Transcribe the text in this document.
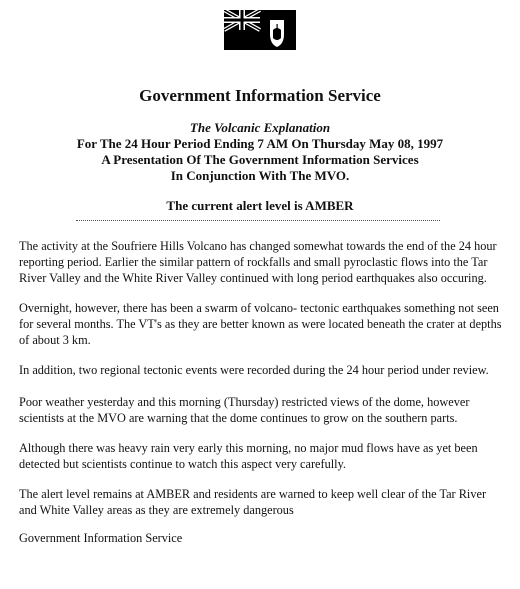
Government Information Service
The Volcanic Explanation
For The 24 Hour Period Ending 7 AM On Thursday May 08, 1997
A Presentation Of The Government Information Services
In Conjunction With The MVO.
The current alert level is AMBER

The activity at the Soufriere Hills Volcano has changed somewhat towards the end of the 24 hour reporting period. Earlier the similar pattern of rockfalls and small pyroclastic flows into the Tar River Valley and the White River Valley continued with long period earthquakes also occuring.

Overnight, however, there has been a swarm of volcano- tectonic earthquakes something not seen for several months. The VT's as they are better known as were located beneath the crater at depths of about 3 km.

In addition, two regional tectonic events were recorded during the 24 hour period under review.

Poor weather yesterday and this morning (Thursday) restricted views of the dome, however scientists at the MVO are warning that the dome continues to grow on the southern parts.

Although there was heavy rain very early this morning, no major mud flows have as yet been detected but scientists continue to watch this aspect very carefully.

The alert level remains at AMBER and residents are warned to keep well clear of the Tar River and White Valley areas as they are extremely dangerous

Government Information Service
